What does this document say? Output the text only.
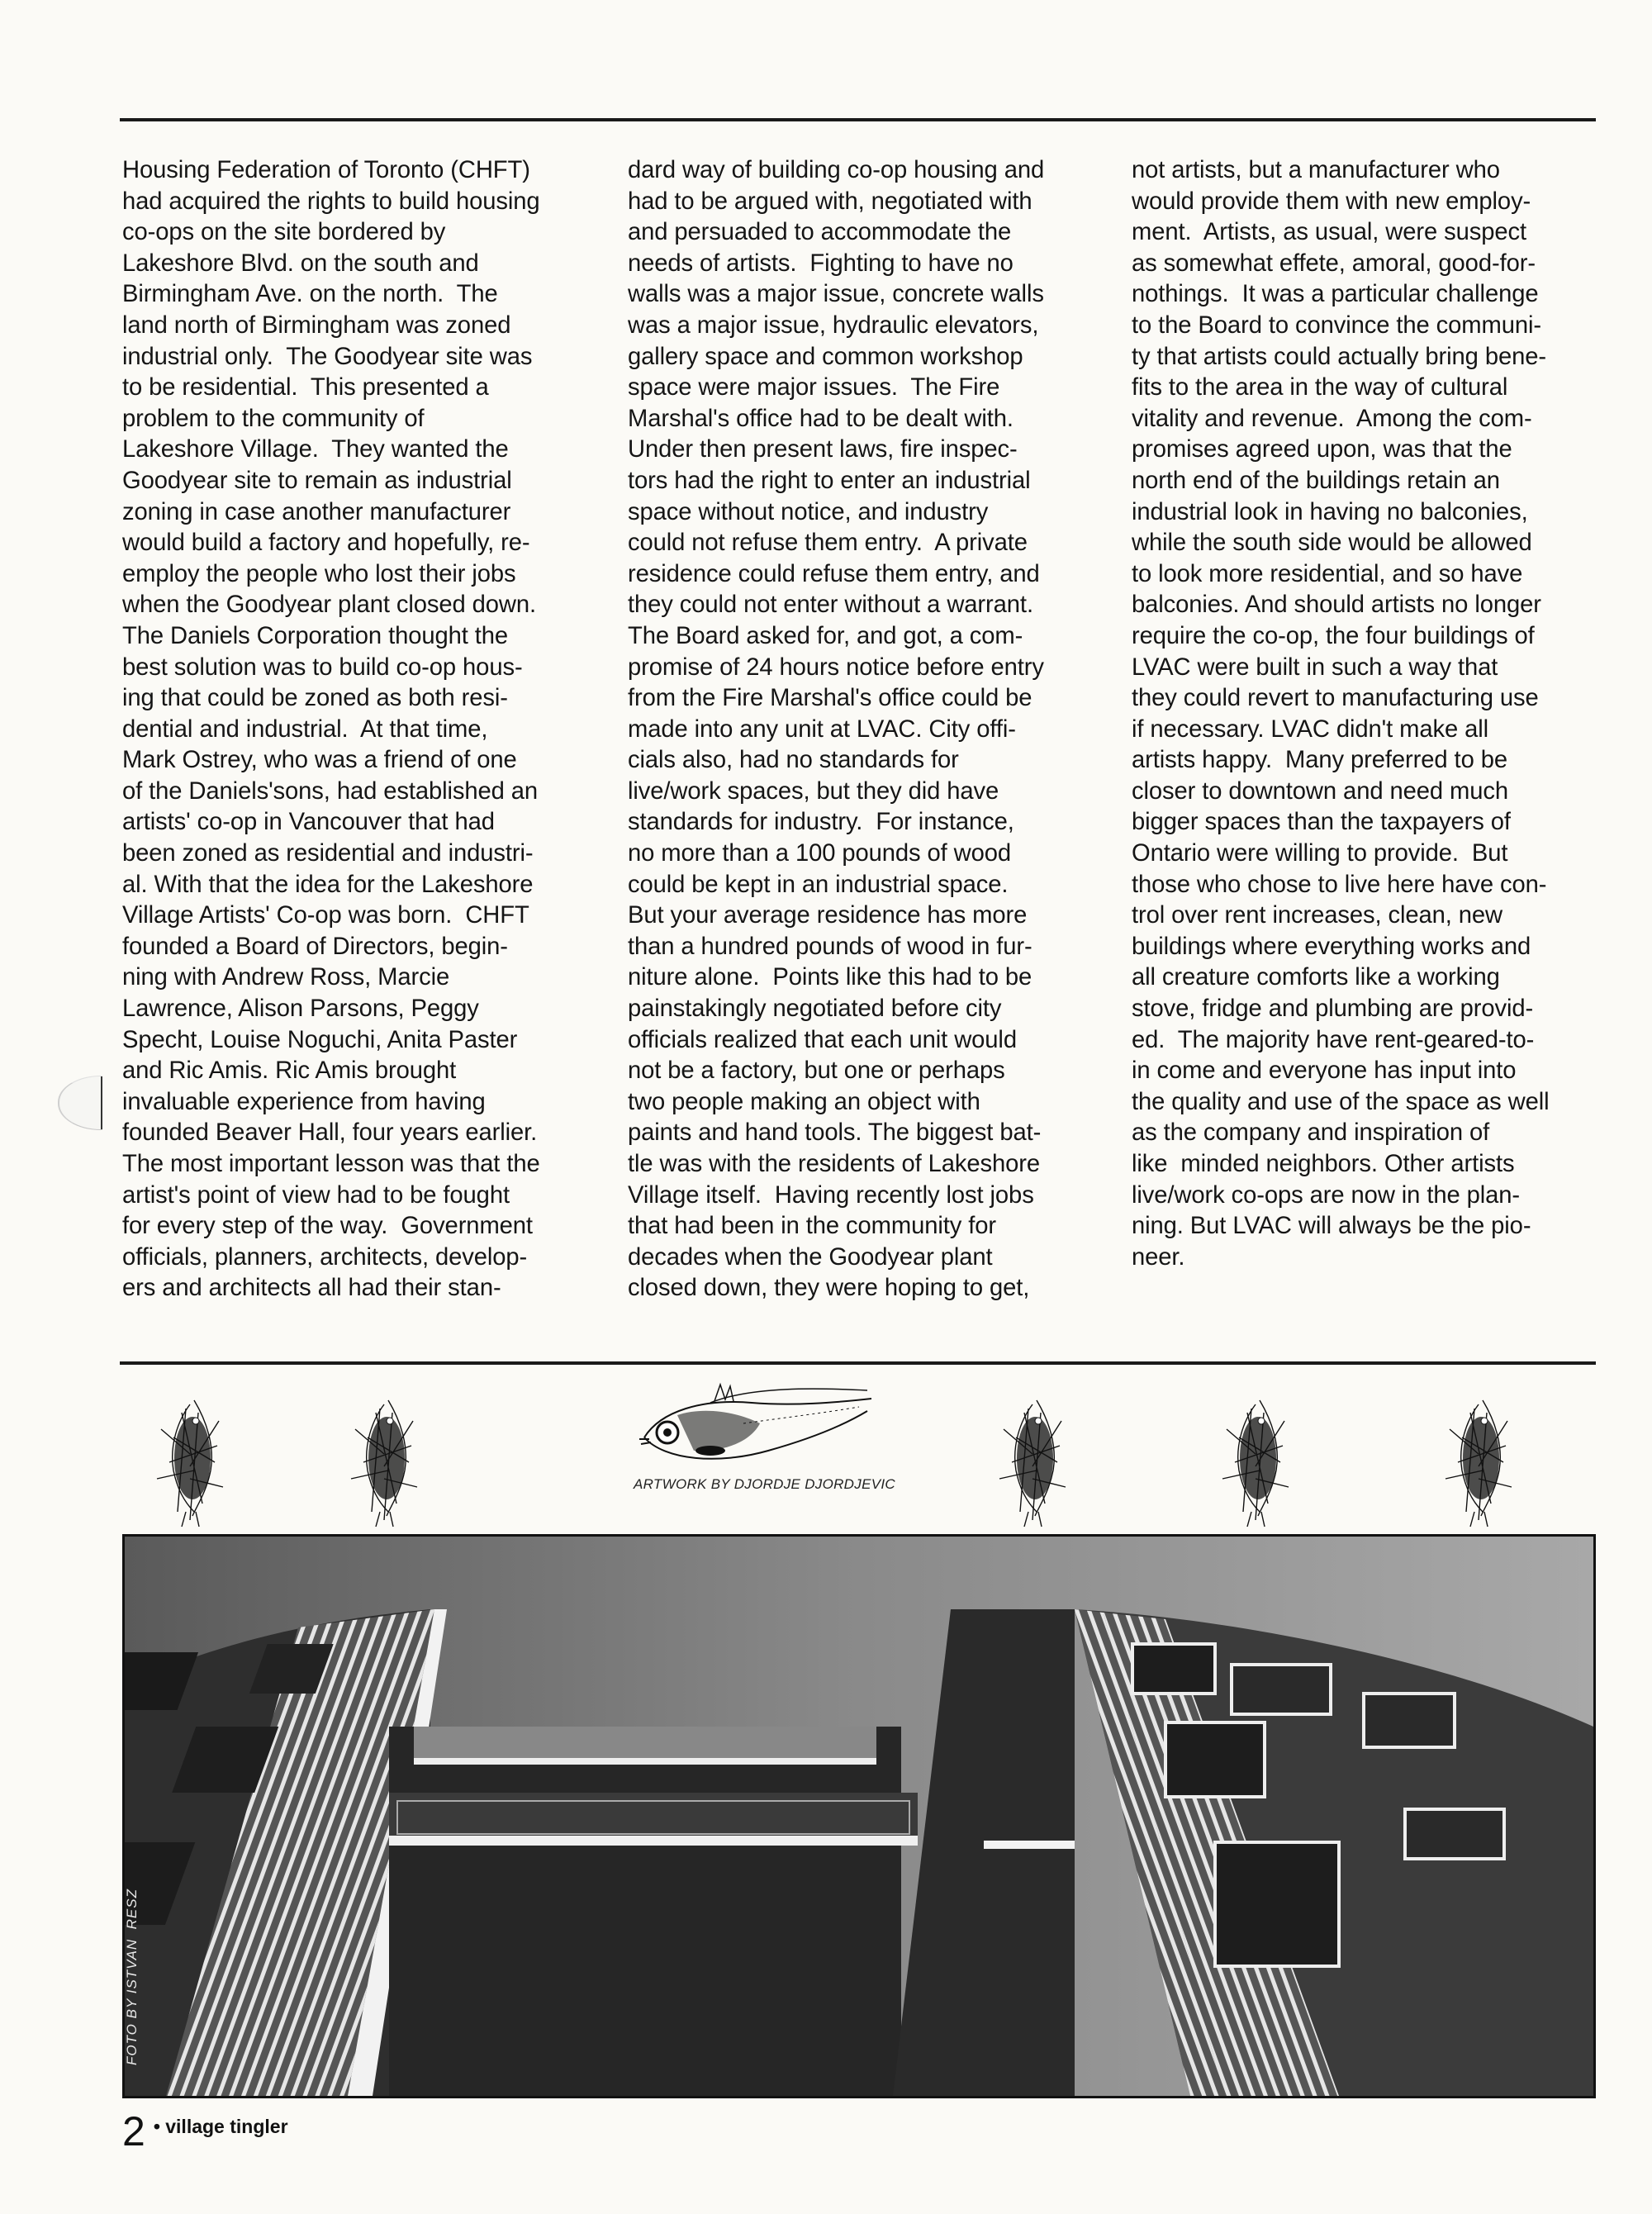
Housing Federation of Toronto (CHFT)
had acquired the rights to build housing
co-ops on the site bordered by
Lakeshore Blvd. on the south and
Birmingham Ave. on the north.  The
land north of Birmingham was zoned
industrial only.  The Goodyear site was
to be residential.  This presented a
problem to the community of
Lakeshore Village.  They wanted the
Goodyear site to remain as industrial
zoning in case another manufacturer
would build a factory and hopefully, re-
employ the people who lost their jobs
when the Goodyear plant closed down.
The Daniels Corporation thought the
best solution was to build co-op hous-
ing that could be zoned as both resi-
dential and industrial.  At that time,
Mark Ostrey, who was a friend of one
of the Daniels'sons, had established an
artists' co-op in Vancouver that had
been zoned as residential and industri-
al. With that the idea for the Lakeshore
Village Artists' Co-op was born.  CHFT
founded a Board of Directors, begin-
ning with Andrew Ross, Marcie
Lawrence, Alison Parsons, Peggy
Specht, Louise Noguchi, Anita Paster
and Ric Amis. Ric Amis brought
invaluable experience from having
founded Beaver Hall, four years earlier.
The most important lesson was that the
artist's point of view had to be fought
for every step of the way.  Government
officials, planners, architects, develop-
ers and architects all had their stan-
dard way of building co-op housing and
had to be argued with, negotiated with
and persuaded to accommodate the
needs of artists.  Fighting to have no
walls was a major issue, concrete walls
was a major issue, hydraulic elevators,
gallery space and common workshop
space were major issues.  The Fire
Marshal's office had to be dealt with.
Under then present laws, fire inspec-
tors had the right to enter an industrial
space without notice, and industry
could not refuse them entry.  A private
residence could refuse them entry, and
they could not enter without a warrant.
The Board asked for, and got, a com-
promise of 24 hours notice before entry
from the Fire Marshal's office could be
made into any unit at LVAC. City offi-
cials also, had no standards for
live/work spaces, but they did have
standards for industry.  For instance,
no more than a 100 pounds of wood
could be kept in an industrial space.
But your average residence has more
than a hundred pounds of wood in fur-
niture alone.  Points like this had to be
painstakingly negotiated before city
officials realized that each unit would
not be a factory, but one or perhaps
two people making an object with
paints and hand tools. The biggest bat-
tle was with the residents of Lakeshore
Village itself.  Having recently lost jobs
that had been in the community for
decades when the Goodyear plant
closed down, they were hoping to get,
not artists, but a manufacturer who
would provide them with new employ-
ment.  Artists, as usual, were suspect
as somewhat effete, amoral, good-for-
nothings.  It was a particular challenge
to the Board to convince the communi-
ty that artists could actually bring bene-
fits to the area in the way of cultural
vitality and revenue.  Among the com-
promises agreed upon, was that the
north end of the buildings retain an
industrial look in having no balconies,
while the south side would be allowed
to look more residential, and so have
balconies. And should artists no longer
require the co-op, the four buildings of
LVAC were built in such a way that
they could revert to manufacturing use
if necessary. LVAC didn't make all
artists happy.  Many preferred to be
closer to downtown and need much
bigger spaces than the taxpayers of
Ontario were willing to provide.  But
those who chose to live here have con-
trol over rent increases, clean, new
buildings where everything works and
all creature comforts like a working
stove, fridge and plumbing are provid-
ed.  The majority have rent-geared-to-
in come and everyone has input into
the quality and use of the space as well
as the company and inspiration of
like  minded neighbors. Other artists
live/work co-ops are now in the plan-
ning. But LVAC will always be the pio-
neer.
ARTWORK BY DJORDJE DJORDJEVIC
FOTO BY ISTVAN  RESZ
2 • village tingler
